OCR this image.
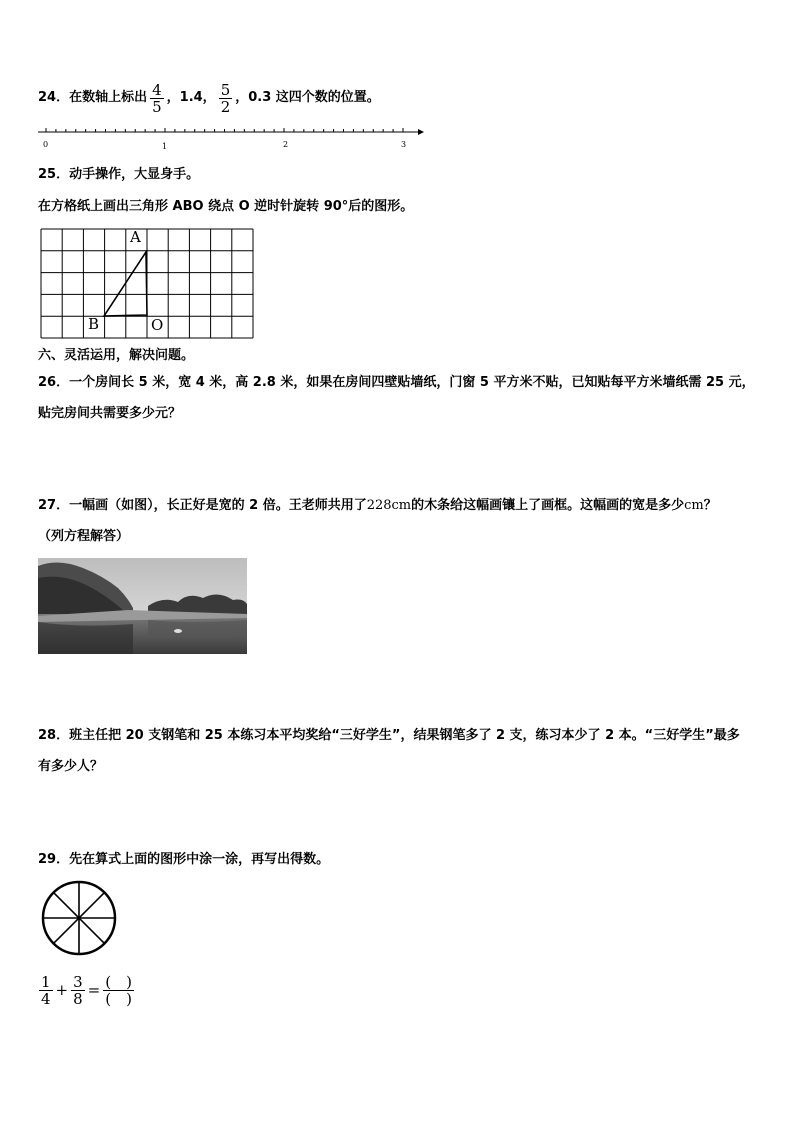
24． 在数轴上标出 $\frac{4}{5}$ ，1.4， $\frac{5}{2}$ ，0.3 这四个数的位置。
0	1	2	3
25．动手操作，大显身手。
在方格纸上画出三角形 ABO 绕点 O 逆时针旋转 90°后的图形。
A
B	O
六、灵活运用，解决问题。
26．一个房间长 5 米，宽 4 米，高 2.8 米，如果在房间四壁贴墙纸，门窗 5 平方米不贴，已知贴每平方米墙纸需 25 元，
贴完房间共需要多少元？
27．一幅画（如图），长正好是宽的 2 倍。王老师共用了228cm的木条给这幅画镶上了画框。这幅画的宽是多少cm？
（列方程解答）
28．班主任把 20 支钢笔和 25 本练习本平均奖给“三好学生”，结果钢笔多了 2 支，练习本少了 2 本。“三好学生”最多
有多少人？
29．先在算式上面的图形中涂一涂，再写出得数。
$\frac{1}{4} + \frac{3}{8} = \frac{( )}{( )}$
